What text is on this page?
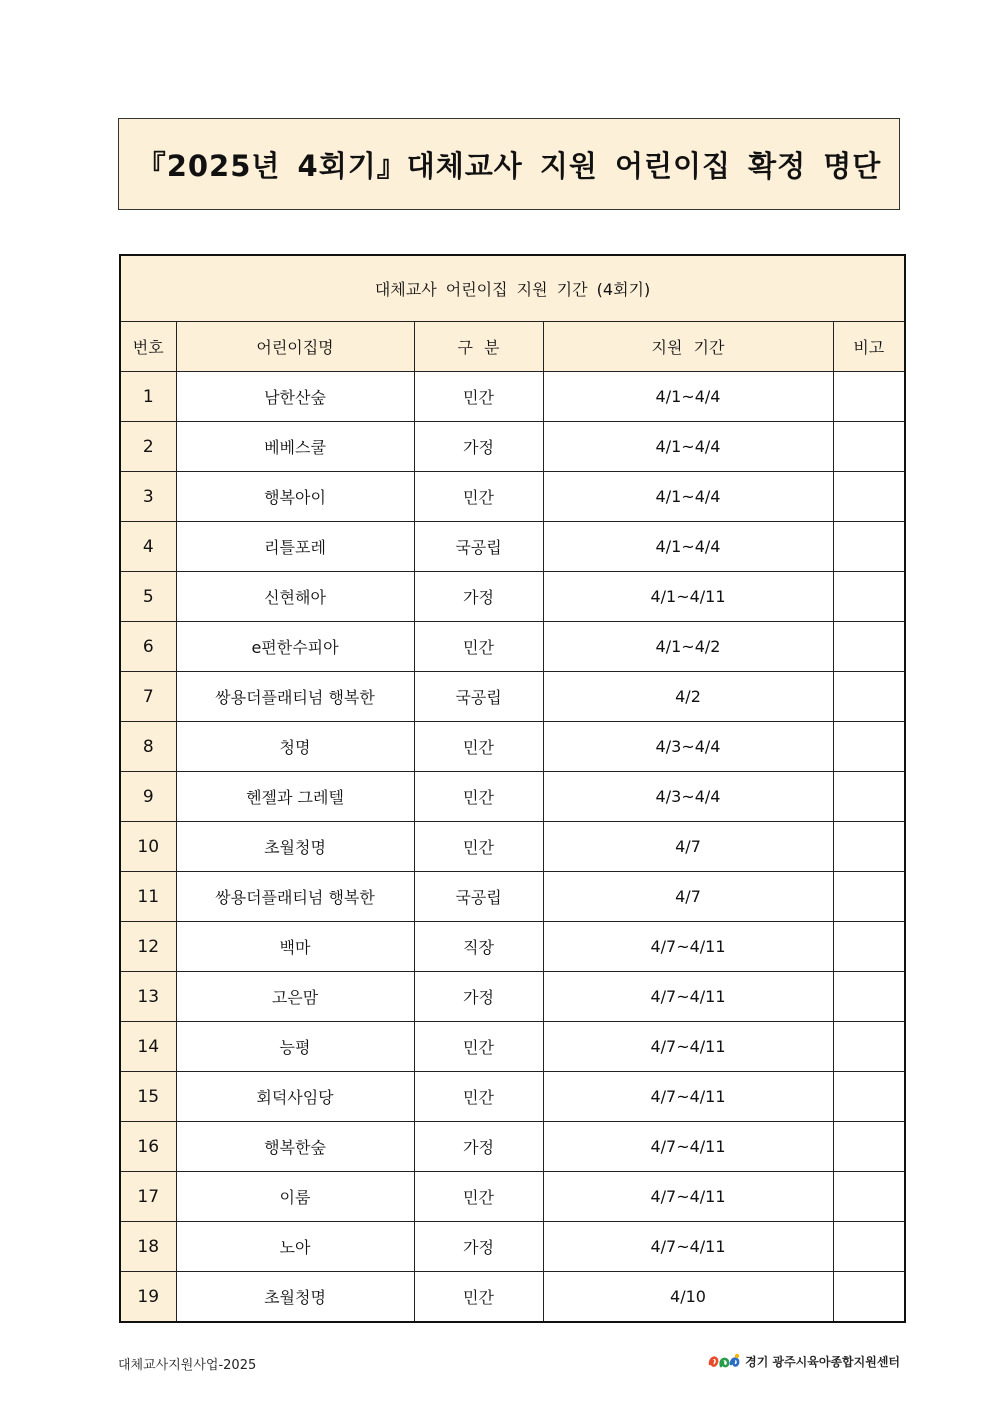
『2025년 4회기』대체교사 지원 어린이집 확정 명단
대체교사 어린이집 지원 기간 (4회기)				
번호	어린이집명	구 분	지원 기간	비고
1	남한산숲	민간	4/1~4/4	
2	베베스쿨	가정	4/1~4/4	
3	행복아이	민간	4/1~4/4	
4	리틀포레	국공립	4/1~4/4	
5	신현해아	가정	4/1~4/11	
6	e편한수피아	민간	4/1~4/2	
7	쌍용더플래티넘 행복한	국공립	4/2	
8	청명	민간	4/3~4/4	
9	헨젤과 그레텔	민간	4/3~4/4	
10	초월청명	민간	4/7	
11	쌍용더플래티넘 행복한	국공립	4/7	
12	백마	직장	4/7~4/11	
13	고은맘	가정	4/7~4/11	
14	능평	민간	4/7~4/11	
15	회덕사임당	민간	4/7~4/11	
16	행복한숲	가정	4/7~4/11	
17	이룸	민간	4/7~4/11	
18	노아	가정	4/7~4/11	
19	초월청명	민간	4/10	
대체교사지원사업-2025	경기 광주시육아종합지원센터
